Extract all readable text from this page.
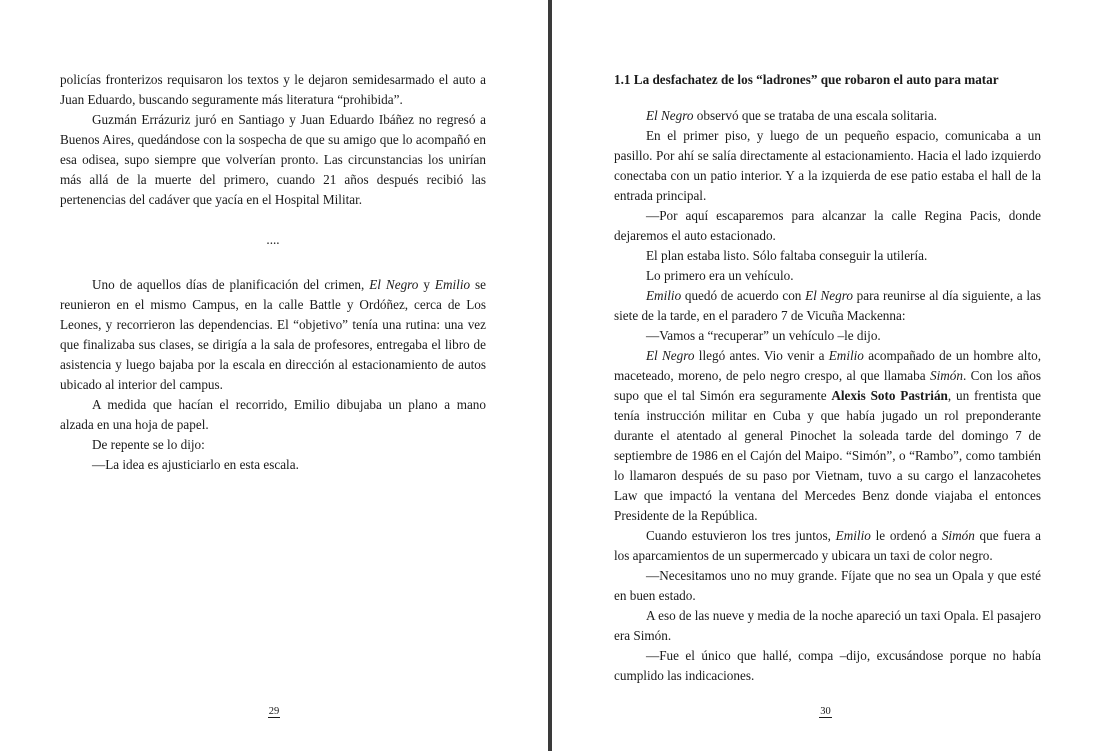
policías fronterizos requisaron los textos y le dejaron semidesarmado el auto a Juan Eduardo, buscando seguramente más literatura “prohibida”.

Guzmán Errázuriz juró en Santiago y Juan Eduardo Ibáñez no regresó a Buenos Aires, quedándose con la sospecha de que su amigo que lo acompañó en esa odisea, supo siempre que volverían pronto. Las circunstancias los unirían más allá de la muerte del primero, cuando 21 años después recibió las pertenencias del cadáver que yacía en el Hospital Militar.

....

Uno de aquellos días de planificación del crimen, El Negro y Emilio se reunieron en el mismo Campus, en la calle Battle y Ordóñez, cerca de Los Leones, y recorrieron las dependencias. El “objetivo” tenía una rutina: una vez que finalizaba sus clases, se dirigía a la sala de profesores, entregaba el libro de asistencia y luego bajaba por la escala en dirección al estacionamiento de autos ubicado al interior del campus.

A medida que hacían el recorrido, Emilio dibujaba un plano a mano alzada en una hoja de papel.

De repente se lo dijo:

—La idea es ajusticiarlo en esta escala.

29

1.1 La desfachatez de los “ladrones” que robaron el auto para matar

El Negro observó que se trataba de una escala solitaria.

En el primer piso, y luego de un pequeño espacio, comunicaba a un pasillo. Por ahí se salía directamente al estacionamiento. Hacia el lado izquierdo conectaba con un patio interior. Y a la izquierda de ese patio estaba el hall de la entrada principal.

—Por aquí escaparemos para alcanzar la calle Regina Pacis, donde dejaremos el auto estacionado.

El plan estaba listo. Sólo faltaba conseguir la utilería.

Lo primero era un vehículo.

Emilio quedó de acuerdo con El Negro para reunirse al día siguiente, a las siete de la tarde, en el paradero 7 de Vicuña Mackenna:

—Vamos a “recuperar” un vehículo –le dijo.

El Negro llegó antes. Vio venir a Emilio acompañado de un hombre alto, maceteado, moreno, de pelo negro crespo, al que llamaba Simón. Con los años supo que el tal Simón era seguramente Alexis Soto Pastrián, un frentista que tenía instrucción militar en Cuba y que había jugado un rol preponderante durante el atentado al general Pinochet la soleada tarde del domingo 7 de septiembre de 1986 en el Cajón del Maipo. “Simón”, o “Rambo”, como también lo llamaron después de su paso por Vietnam, tuvo a su cargo el lanzacohetes Law que impactó la ventana del Mercedes Benz donde viajaba el entonces Presidente de la República.

Cuando estuvieron los tres juntos, Emilio le ordenó a Simón que fuera a los aparcamientos de un supermercado y ubicara un taxi de color negro.

—Necesitamos uno no muy grande. Fíjate que no sea un Opala y que esté en buen estado.

A eso de las nueve y media de la noche apareció un taxi Opala. El pasajero era Simón.

—Fue el único que hallé, compa –dijo, excusándose porque no había cumplido las indicaciones.

30
